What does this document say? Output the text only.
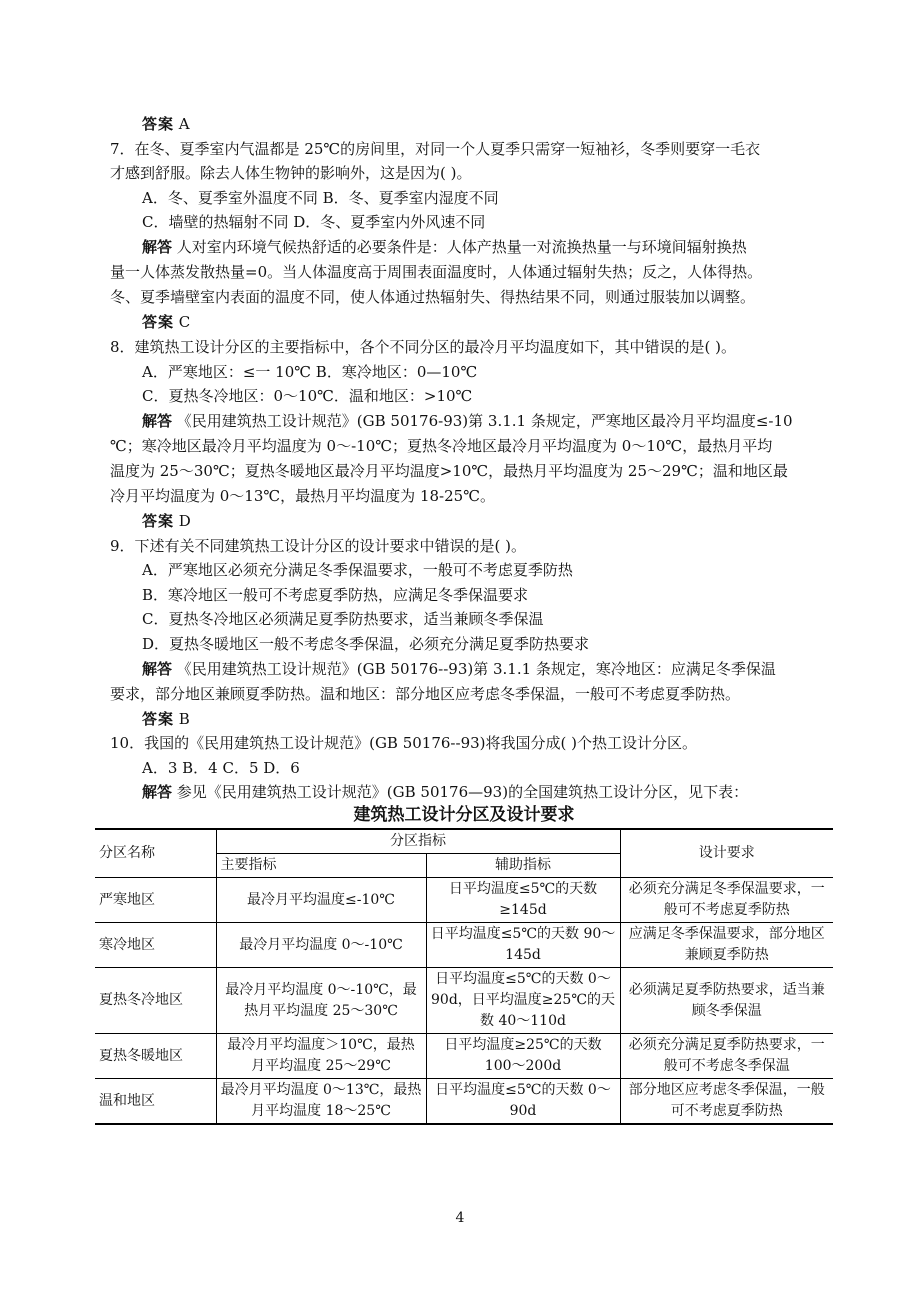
答案 A
7．在冬、夏季室内气温都是 25℃的房间里，对同一个人夏季只需穿一短袖衫，冬季则要穿一毛衣
才感到舒服。除去人体生物钟的影响外，这是因为( )。
A．冬、夏季室外温度不同 B．冬、夏季室内湿度不同
C．墙壁的热辐射不同 D．冬、夏季室内外风速不同
解答 人对室内环境气候热舒适的必要条件是：人体产热量一对流换热量一与环境间辐射换热
量一人体蒸发散热量=0。当人体温度高于周围表面温度时，人体通过辐射失热；反之，人体得热。
冬、夏季墙壁室内表面的温度不同，使人体通过热辐射失、得热结果不同，则通过服装加以调整。
答案 C
8．建筑热工设计分区的主要指标中，各个不同分区的最冷月平均温度如下，其中错误的是( )。
A．严寒地区：≤一 10℃ B．寒冷地区：0—10℃
C．夏热冬冷地区：0～10℃．温和地区：>10℃
解答 《民用建筑热工设计规范》(GB 50176-93)第 3.1.1 条规定，严寒地区最冷月平均温度≤-10
℃；寒冷地区最冷月平均温度为 0～-10℃；夏热冬冷地区最冷月平均温度为 0～10℃，最热月平均
温度为 25～30℃；夏热冬暖地区最冷月平均温度>10℃，最热月平均温度为 25～29℃；温和地区最
冷月平均温度为 0～13℃，最热月平均温度为 18-25℃。
答案 D
9．下述有关不同建筑热工设计分区的设计要求中错误的是( )。
A．严寒地区必须充分满足冬季保温要求，一般可不考虑夏季防热
B．寒冷地区一般可不考虑夏季防热，应满足冬季保温要求
C．夏热冬冷地区必须满足夏季防热要求，适当兼顾冬季保温
D．夏热冬暖地区一般不考虑冬季保温，必须充分满足夏季防热要求
解答 《民用建筑热工设计规范》(GB 50176--93)第 3.1.1 条规定，寒冷地区：应满足冬季保温
要求，部分地区兼顾夏季防热。温和地区：部分地区应考虑冬季保温，一般可不考虑夏季防热。
答案 B
10．我国的《民用建筑热工设计规范》(GB 50176--93)将我国分成( )个热工设计分区。
A．3 B．4 C．5 D．6
解答 参见《民用建筑热工设计规范》(GB 50176—93)的全国建筑热工设计分区，见下表：
建筑热工设计分区及设计要求
分区名称	分区指标		设计要求
	主要指标	辅助指标	
严寒地区	最冷月平均温度≤-10℃	日平均温度≤5℃的天数≥145d	必须充分满足冬季保温要求，一般可不考虑夏季防热
寒冷地区	最冷月平均温度 0～-10℃	日平均温度≤5℃的天数 90～145d	应满足冬季保温要求，部分地区兼顾夏季防热
夏热冬冷地区	最冷月平均温度 0～-10℃，最热月平均温度 25～30℃	日平均温度≤5℃的天数 0～90d，日平均温度≥25℃的天数 40～110d	必须满足夏季防热要求，适当兼顾冬季保温
夏热冬暖地区	最冷月平均温度＞10℃，最热月平均温度 25～29℃	日平均温度≥25℃的天数 100～200d	必须充分满足夏季防热要求，一般可不考虑冬季保温
温和地区	最冷月平均温度 0～13℃，最热月平均温度 18～25℃	日平均温度≤5℃的天数 0～90d	部分地区应考虑冬季保温，一般可不考虑夏季防热
4
